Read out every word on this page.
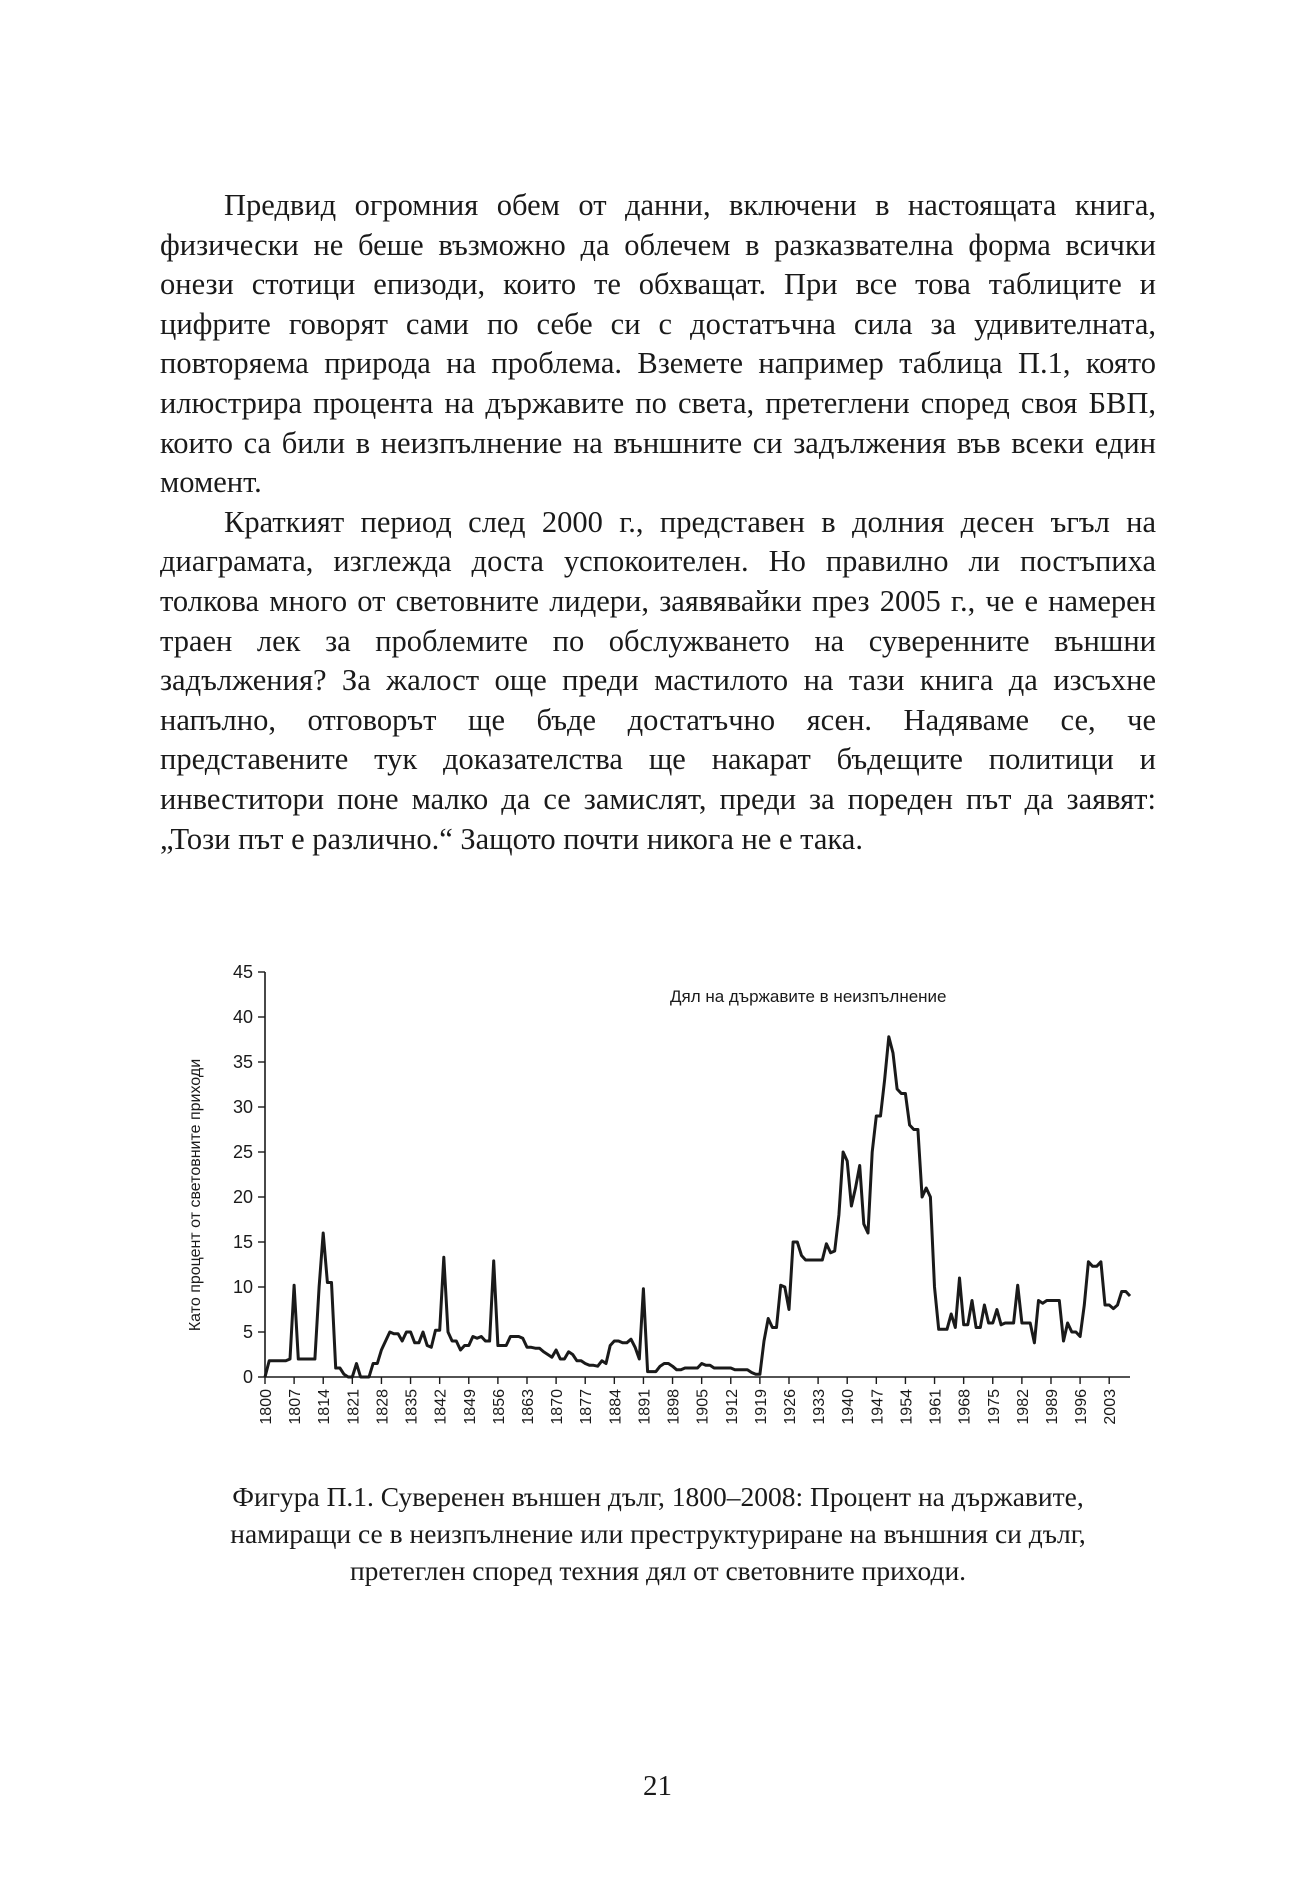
Предвид огромния обем от данни, включени в настоящата книга, физически не беше възможно да облечем в разказвателна форма всички онези стотици епизоди, които те обхващат. При все това таблиците и цифрите говорят сами по себе си с достатъчна сила за удивителната, повторяема природа на проблема. Вземете например таблица П.1, която илюстрира процента на държавите по света, претеглени според своя БВП, които са били в неизпълнение на външните си задължения във всеки един момент.

Краткият период след 2000 г., представен в долния десен ъгъл на диаграмата, изглежда доста успокоителен. Но правилно ли постъпиха толкова много от световните лидери, заявявайки през 2005 г., че е намерен траен лек за проблемите по обслужването на суверенните външни задължения? За жалост още преди мастилото на тази книга да изсъхне напълно, отговорът ще бъде достатъчно ясен. Надяваме се, че представените тук доказателства ще накарат бъдещите политици и инвеститори поне малко да се замислят, преди за пореден път да заявят: „Този път е различно.“ Защото почти никога не е така.

0
5
10
15
20
25
30
35
40
45
1800 1807 1814 1821 1828 1835 1842 1849 1856 1863 1870 1877 1884 1891 1898 1905 1912 1919 1926 1933 1940 1947 1954 1961 1968 1975 1982 1989 1996 2003
Дял на държавите в неизпълнение
Като процент от световните приходи
Фигура П.1. Суверенен външен дълг, 1800–2008: Процент на държавите,
намиращи се в неизпълнение или преструктуриране на външния си дълг,
претеглен според техния дял от световните приходи.
21
